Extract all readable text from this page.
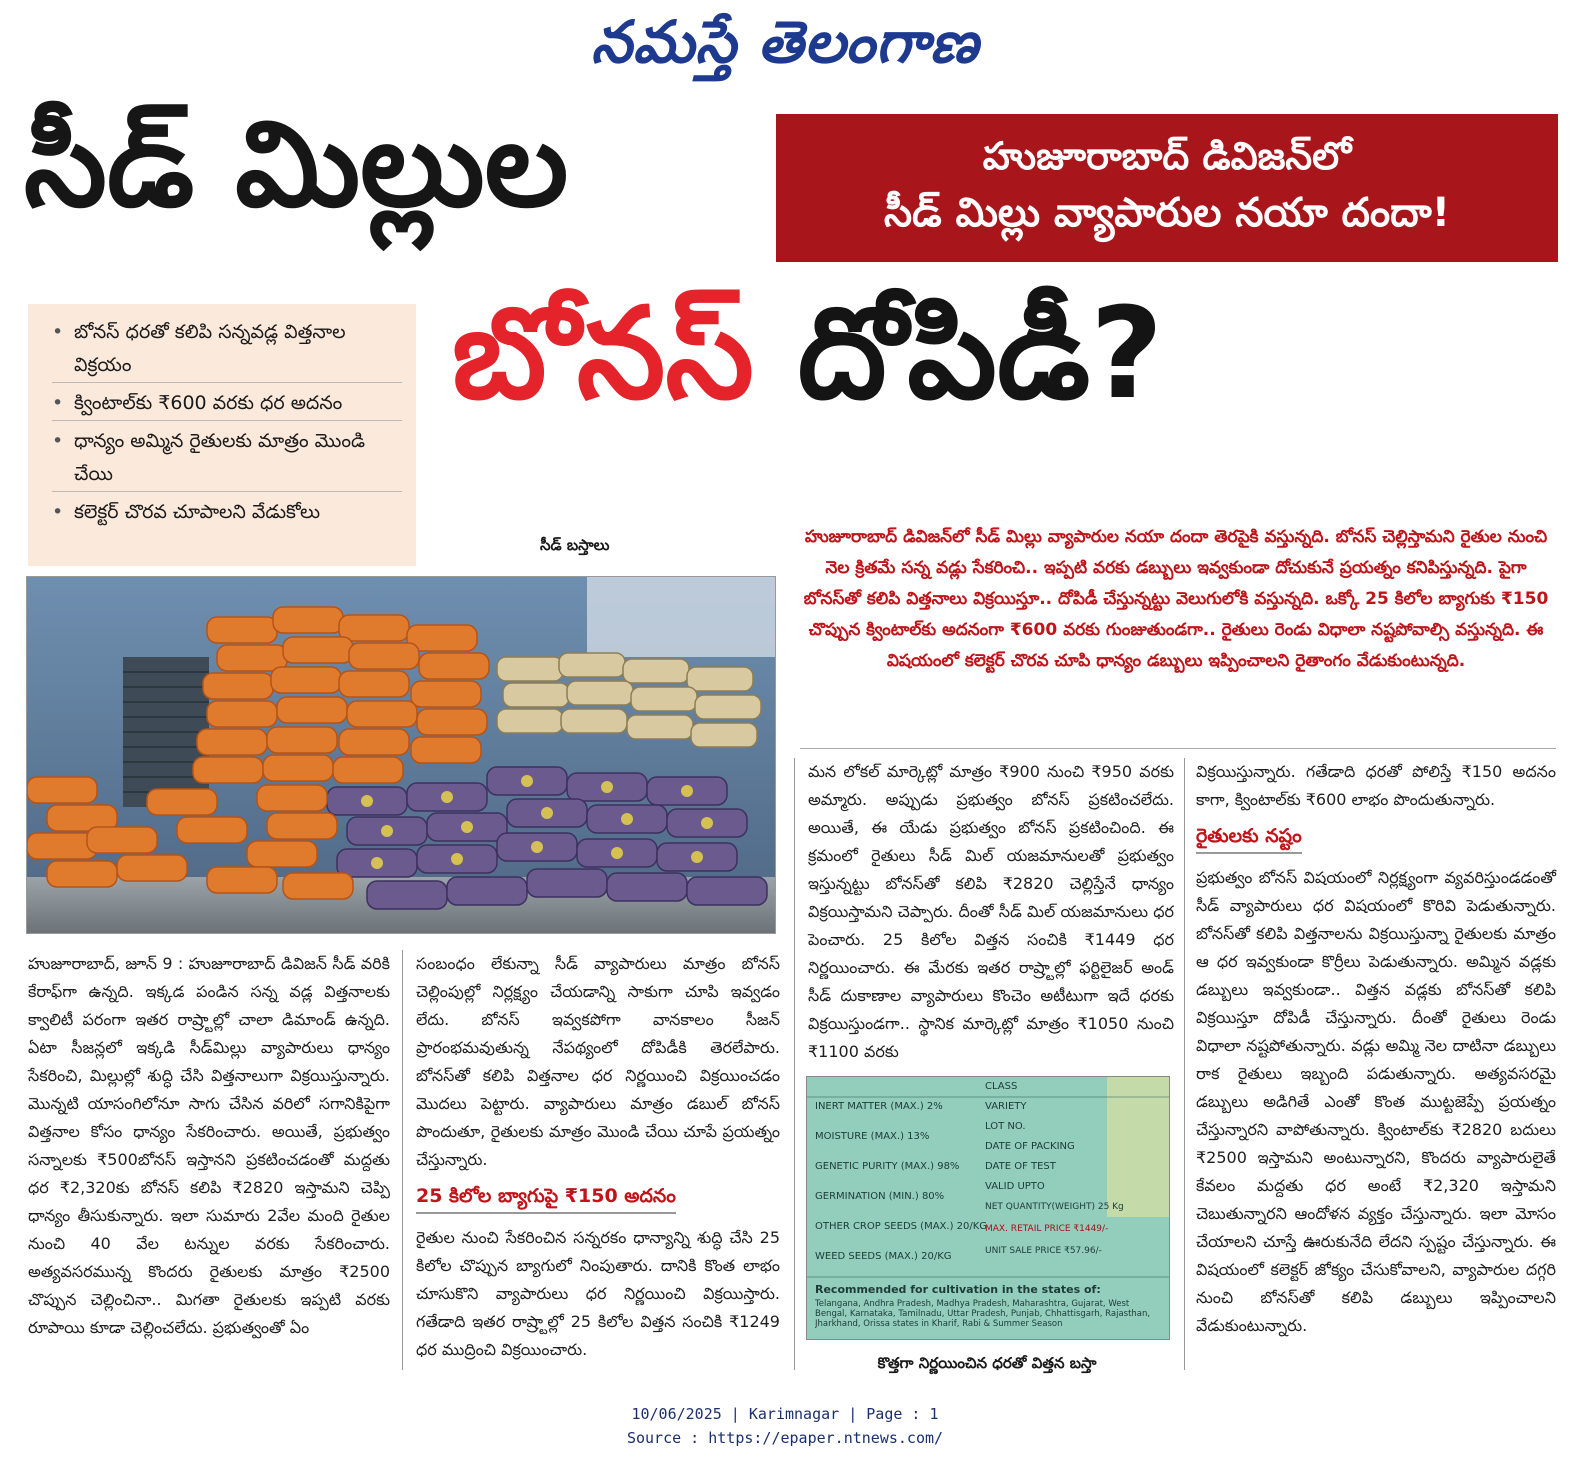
నమస్తే తెలంగాణ
సీడ్ మిల్లుల	హుజూరాబాద్ డివిజన్‌లో
సీడ్ మిల్లు వ్యాపారుల నయా దందా!
• బోనస్ ధరతో కలిపి సన్నవడ్ల విత్తనాల విక్రయం
• క్వింటాల్‌కు ₹600 వరకు ధర అదనం
• ధాన్యం అమ్మిన రైతులకు మాత్రం మొండి చేయి
• కలెక్టర్ చొరవ చూపాలని వేడుకోలు
బోనస్ దోపిడీ?
సీడ్ బస్తాలు	హుజూరాబాద్ డివిజన్‌లో సీడ్ మిల్లు వ్యాపారుల నయా దందా తెరపైకి వస్తున్నది. బోనస్ చెల్లిస్తామని రైతుల నుంచి నెల క్రితమే సన్న వడ్లు సేకరించి.. ఇప్పటి వరకు డబ్బులు ఇవ్వకుండా దోచుకునే ప్రయత్నం కనిపిస్తున్నది. పైగా బోనస్‌తో కలిపి విత్తనాలు విక్రయిస్తూ.. దోపిడీ చేస్తున్నట్టు వెలుగులోకి వస్తున్నది. ఒక్కో 25 కిలోల బ్యాగుకు ₹150 చొప్పున క్వింటాల్‌కు అదనంగా ₹600 వరకు గుంజుతుండగా.. రైతులు రెండు విధాలా నష్టపోవాల్సి వస్తున్నది. ఈ విషయంలో కలెక్టర్ చొరవ చూపి ధాన్యం డబ్బులు ఇప్పించాలని రైతాంగం వేడుకుంటున్నది.

హుజూరాబాద్, జూన్ 9 : హుజూరాబాద్ డివిజన్ సీడ్ వరికి కేరాఫ్‌గా ఉన్నది. ఇక్కడ పండిన సన్న వడ్ల విత్తనాలకు క్వాలిటీ పరంగా ఇతర రాష్ర్టాల్లో చాలా డిమాండ్ ఉన్నది. ఏటా సీజన్లలో ఇక్కడి సీడ్‌మిల్లు వ్యాపారులు ధాన్యం సేకరించి, మిల్లుల్లో శుద్ధి చేసి విత్తనాలుగా విక్రయిస్తున్నారు. మొన్నటి యాసంగిలోనూ సాగు చేసిన వరిలో సగానికిపైగా విత్తనాల కోసం ధాన్యం సేకరించారు. అయితే, ప్రభుత్వం సన్నాలకు ₹500బోనస్ ఇస్తానని ప్రకటించడంతో మద్దతు ధర ₹2,320కు బోనస్ కలిపి ₹2820 ఇస్తామని చెప్పి ధాన్యం తీసుకున్నారు. ఇలా సుమారు 2వేల మంది రైతుల నుంచి 40 వేల టన్నుల వరకు సేకరించారు. అత్యవసరమున్న కొందరు రైతులకు మాత్రం ₹2500 చొప్పున చెల్లించినా.. మిగతా రైతులకు ఇప్పటి వరకు రూపాయి కూడా చెల్లించలేదు. ప్రభుత్వంతో ఏం

సంబంధం లేకున్నా సీడ్ వ్యాపారులు మాత్రం బోనస్ చెల్లింపుల్లో నిర్లక్ష్యం చేయడాన్ని సాకుగా చూపి ఇవ్వడం లేదు. బోనస్ ఇవ్వకపోగా వానకాలం సీజన్ ప్రారంభమవుతున్న నేపథ్యంలో దోపిడీకి తెరలేపారు. బోనస్‌తో కలిపి విత్తనాల ధర నిర్ణయించి విక్రయించడం మొదలు పెట్టారు. వ్యాపారులు మాత్రం డబుల్ బోనస్ పొందుతూ, రైతులకు మాత్రం మొండి చేయి చూపే ప్రయత్నం చేస్తున్నారు.

25 కిలోల బ్యాగుపై ₹150 అదనం

రైతుల నుంచి సేకరించిన సన్నరకం ధాన్యాన్ని శుద్ధి చేసి 25 కిలోల చొప్పున బ్యాగులో నింపుతారు. దానికి కొంత లాభం చూసుకొని వ్యాపారులు ధర నిర్ణయించి విక్రయిస్తారు. గతేడాది ఇతర రాష్ర్టాల్లో 25 కిలోల విత్తన సంచికి ₹1249 ధర ముద్రించి విక్రయించారు.

మన లోకల్ మార్కెట్లో మాత్రం ₹900 నుంచి ₹950 వరకు అమ్మారు. అప్పుడు ప్రభుత్వం బోనస్ ప్రకటించలేదు. అయితే, ఈ యేడు ప్రభుత్వం బోనస్ ప్రకటించింది. ఈ క్రమంలో రైతులు సీడ్ మిల్ యజమానులతో ప్రభుత్వం ఇస్తున్నట్టు బోనస్‌తో కలిపి ₹2820 చెల్లిస్తేనే ధాన్యం విక్రయిస్తామని చెప్పారు. దీంతో సీడ్ మిల్ యజమానులు ధర పెంచారు. 25 కిలోల విత్తన సంచికి ₹1449 ధర నిర్ణయించారు. ఈ మేరకు ఇతర రాష్ర్టాల్లో ఫర్టిలైజర్ అండ్ సీడ్ దుకాణాల వ్యాపారులు కొంచెం అటీటుగా ఇదే ధరకు విక్రయిస్తుండగా.. స్థానిక మార్కెట్లో మాత్రం ₹1050 నుంచి ₹1100 వరకు

INERT MATTER (MAX.) 2%
MOISTURE (MAX.) 13%
GENETIC PURITY (MAX.) 98%
GERMINATION (MIN.) 80%
OTHER CROP SEEDS (MAX.) 20/KG
WEED SEEDS (MAX.) 20/KG
CLASS
VARIETY
LOT NO.
DATE OF PACKING
DATE OF TEST
VALID UPTO
NET QUANTITY(WEIGHT) 25 Kg
MAX. RETAIL PRICE ₹1449/-
UNIT SALE PRICE ₹57.96/-
Recommended for cultivation in the states of:
Telangana, Andhra Pradesh, Madhya Pradesh, Maharashtra, Gujarat, West Bengal, Karnataka, Tamilnadu, Uttar Pradesh, Punjab, Chhattisgarh, Rajasthan, Jharkhand, Orissa states in Kharif, Rabi & Summer Season
కొత్తగా నిర్ణయించిన ధరతో విత్తన బస్తా

విక్రయిస్తున్నారు. గతేడాది ధరతో పోలిస్తే ₹150 అదనం కాగా, క్వింటాల్‌కు ₹600 లాభం పొందుతున్నారు.

రైతులకు నష్టం

ప్రభుత్వం బోనస్ విషయంలో నిర్లక్ష్యంగా వ్యవరిస్తుండడంతో సీడ్ వ్యాపారులు ధర విషయంలో కొరివి పెడుతున్నారు. బోనస్‌తో కలిపి విత్తనాలను విక్రయిస్తున్నా రైతులకు మాత్రం ఆ ధర ఇవ్వకుండా కొర్రీలు పెడుతున్నారు. అమ్మిన వడ్లకు డబ్బులు ఇవ్వకుండా.. విత్తన వడ్లకు బోనస్‌తో కలిపి విక్రయిస్తూ దోపిడీ చేస్తున్నారు. దీంతో రైతులు రెండు విధాలా నష్టపోతున్నారు. వడ్లు అమ్మి నెల దాటినా డబ్బులు రాక రైతులు ఇబ్బంది పడుతున్నారు. అత్యవసరమై డబ్బులు అడిగితే ఎంతో కొంత ముట్టజెప్పే ప్రయత్నం చేస్తున్నారని వాపోతున్నారు. క్వింటాల్‌కు ₹2820 బదులు ₹2500 ఇస్తామని అంటున్నారని, కొందరు వ్యాపారులైతే కేవలం మద్దతు ధర అంటే ₹2,320 ఇస్తామని చెబుతున్నారని ఆందోళన వ్యక్తం చేస్తున్నారు. ఇలా మోసం చేయాలని చూస్తే ఊరుకునేది లేదని స్పష్టం చేస్తున్నారు. ఈ విషయంలో కలెక్టర్ జోక్యం చేసుకోవాలని, వ్యాపారుల దగ్గరి నుంచి బోనస్‌తో కలిపి డబ్బులు ఇప్పించాలని వేడుకుంటున్నారు.

10/06/2025 | Karimnagar | Page : 1
Source : https://epaper.ntnews.com/
